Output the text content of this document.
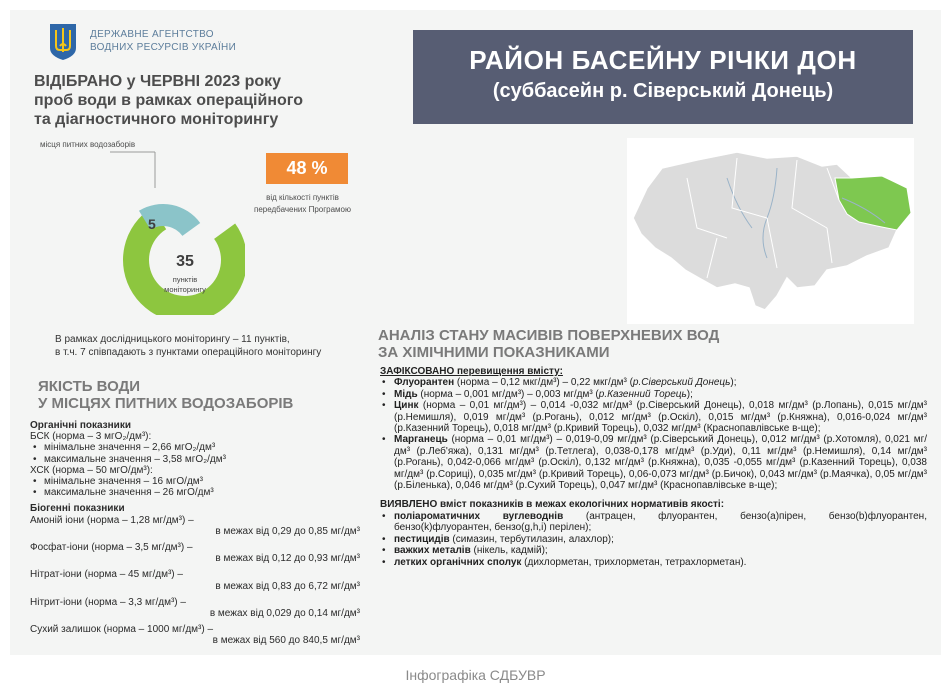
ДЕРЖАВНЕ АГЕНТСТВО
ВОДНИХ РЕСУРСІВ УКРАЇНИ
ВІДІБРАНО у ЧЕРВНІ 2023 року
проб води в рамках операційного
та діагностичного моніторингу
місця питних водозаборів
5
35
пунктів
моніторингу
48 %
від кількості пунктів
передбачених Програмою
В рамках дослідницького моніторингу – 11 пунктів,
в т.ч. 7 співпадають з пунктами операційного моніторингу
ЯКІСТЬ ВОДИ
У МІСЦЯХ ПИТНИХ ВОДОЗАБОРІВ
Органічні показники
БСК (норма – 3 мгО₂/дм³):
• мінімальне значення – 2,66 мгО₂/дм³
• максимальне значення – 3,58 мгО₂/дм³
ХСК (норма – 50 мгО/дм³):
• мінімальне значення – 16 мгО/дм³
• максимальне значення – 26 мгО/дм³
Біогенні показники
Амоній іони (норма – 1,28 мг/дм³) –
в межах від 0,29 до 0,85 мг/дм³
Фосфат-іони (норма – 3,5 мг/дм³) –
в межах від 0,12 до 0,93 мг/дм³
Нітрат-іони (норма – 45 мг/дм³) –
в межах від 0,83 до 6,72 мг/дм³
Нітрит-іони (норма – 3,3 мг/дм³) –
в межах від 0,029 до 0,14 мг/дм³
Сухий залишок (норма – 1000 мг/дм³) –
в межах від 560 до 840,5 мг/дм³
РАЙОН БАСЕЙНУ РІЧКИ ДОН
(суббасейн р. Сіверський Донець)
АНАЛІЗ СТАНУ МАСИВІВ ПОВЕРХНЕВИХ ВОД
ЗА ХІМІЧНИМИ ПОКАЗНИКАМИ
ЗАФІКСОВАНО перевищення вмісту:
• Флуорантен (норма – 0,12 мкг/дм³) – 0,22 мкг/дм³ (р.Сіверський Донець);
• Мідь (норма – 0,001 мг/дм³) – 0,003 мг/дм³ (р.Казенний Торець);
• Цинк (норма – 0,01 мг/дм³) – 0,014 -0,032 мг/дм³ (р.Сіверський Донець), 0,018 мг/дм³ (р.Лопань), 0,015 мг/дм³ (р.Немишля), 0,019 мг/дм³ (р.Рогань), 0,012 мг/дм³ (р.Оскіл), 0,015 мг/дм³ (р.Княжна), 0,016-0,024 мг/дм³ (р.Казенний Торець), 0,018 мг/дм³ (р.Кривий Торець), 0,032 мг/дм³ (Краснопавлівське в-ще);
• Марганець (норма – 0,01 мг/дм³) – 0,019-0,09 мг/дм³ (р.Сіверський Донець), 0,012 мг/дм³ (р.Хотомля), 0,021 мг/дм³ (р.Леб'яжа), 0,131 мг/дм³ (р.Тетлега), 0,038-0,178 мг/дм³ (р.Уди), 0,11 мг/дм³ (р.Немишля), 0,14 мг/дм³ (р.Рогань), 0,042-0,066 мг/дм³ (р.Оскіл), 0,132 мг/дм³ (р.Княжна), 0,035 -0,055 мг/дм³ (р.Казенний Торець), 0,038 мг/дм³ (р.Сориці), 0,035 мг/дм³ (р.Кривий Торець), 0,06-0,073 мг/дм³ (р.Бичок), 0,043 мг/дм³ (р.Маячка), 0,05 мг/дм³ (р.Біленька), 0,046 мг/дм³ (р.Сухий Торець), 0,047 мг/дм³ (Краснопавлівське в-ще);
ВИЯВЛЕНО вміст показників в межах екологічних нормативів якості:
• поліароматичних вуглеводнів (антрацен, флуорантен, бензо(а)пірен, бензо(b)флуорантен, бензо(k)флуорантен, бензо(g,h,i) перілен);
• пестицидів (симазин, тербутилазин, алахлор);
• важких металів (нікель, кадмій);
• летких органічних сполук (дихлорметан, трихлорметан, тетрахлорметан).
Інфографіка СДБУВР
